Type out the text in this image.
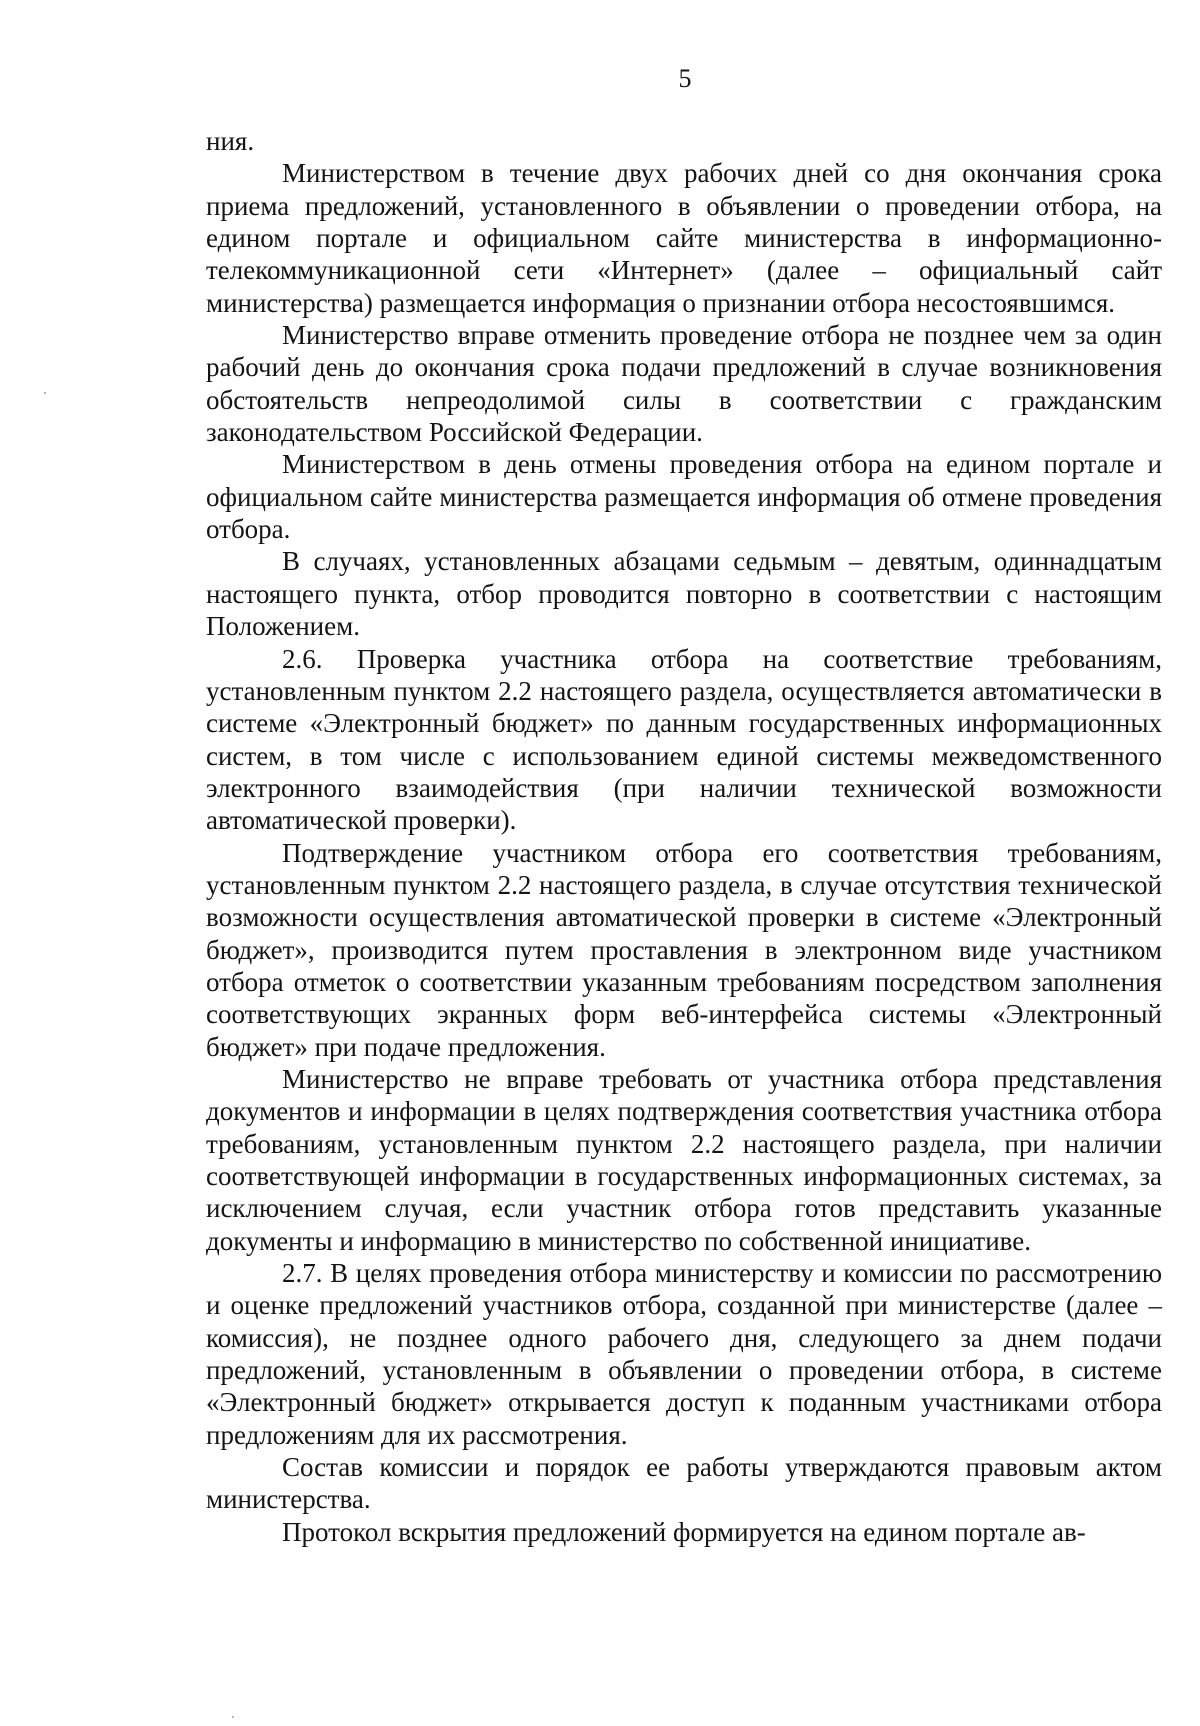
5

ния.

Министерством в течение двух рабочих дней со дня окончания срока приема предложений, установленного в объявлении о проведении отбора, на едином портале и официальном сайте министерства в информационно-телекоммуникационной сети «Интернет» (далее – официальный сайт министерства) размещается информация о признании отбора несостоявшимся.

Министерство вправе отменить проведение отбора не позднее чем за один рабочий день до окончания срока подачи предложений в случае возникновения обстоятельств непреодолимой силы в соответствии с гражданским законодательством Российской Федерации.

Министерством в день отмены проведения отбора на едином портале и официальном сайте министерства размещается информация об отмене проведения отбора.

В случаях, установленных абзацами седьмым – девятым, одиннадцатым настоящего пункта, отбор проводится повторно в соответствии с настоящим Положением.

2.6. Проверка участника отбора на соответствие требованиям, установленным пунктом 2.2 настоящего раздела, осуществляется автоматически в системе «Электронный бюджет» по данным государственных информационных систем, в том числе с использованием единой системы межведомственного электронного взаимодействия (при наличии технической возможности автоматической проверки).

Подтверждение участником отбора его соответствия требованиям, установленным пунктом 2.2 настоящего раздела, в случае отсутствия технической возможности осуществления автоматической проверки в системе «Электронный бюджет», производится путем проставления в электронном виде участником отбора отметок о соответствии указанным требованиям посредством заполнения соответствующих экранных форм веб-интерфейса системы «Электронный бюджет» при подаче предложения.

Министерство не вправе требовать от участника отбора представления документов и информации в целях подтверждения соответствия участника отбора требованиям, установленным пунктом 2.2 настоящего раздела, при наличии соответствующей информации в государственных информационных системах, за исключением случая, если участник отбора готов представить указанные документы и информацию в министерство по собственной инициативе.

2.7. В целях проведения отбора министерству и комиссии по рассмотрению и оценке предложений участников отбора, созданной при министерстве (далее – комиссия), не позднее одного рабочего дня, следующего за днем подачи предложений, установленным в объявлении о проведении отбора, в системе «Электронный бюджет» открывается доступ к поданным участниками отбора предложениям для их рассмотрения.

Состав комиссии и порядок ее работы утверждаются правовым актом министерства.

Протокол вскрытия предложений формируется на едином портале ав-
